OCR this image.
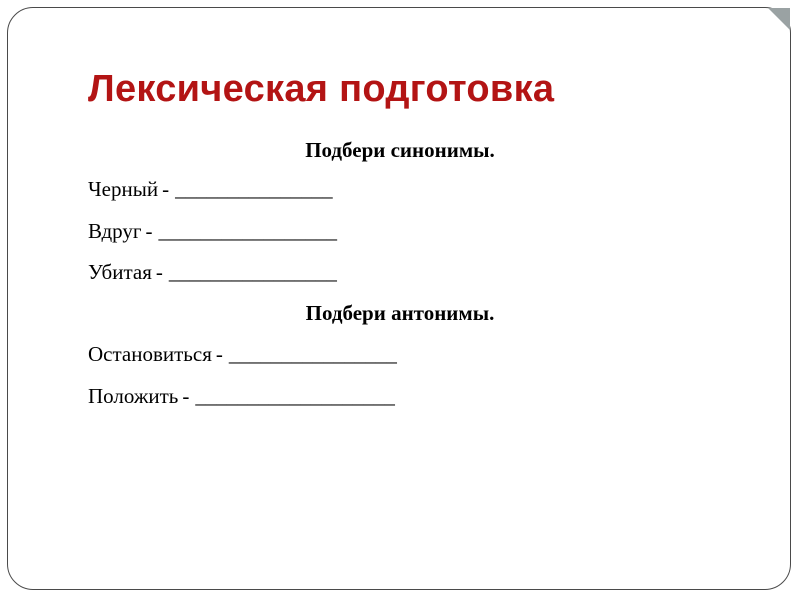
Лексическая подготовка

Подбери синонимы.

Черный - _______________

Вдруг - _________________

Убитая - ________________

Подбери антонимы.

Остановиться - ________________

Положить - ___________________
